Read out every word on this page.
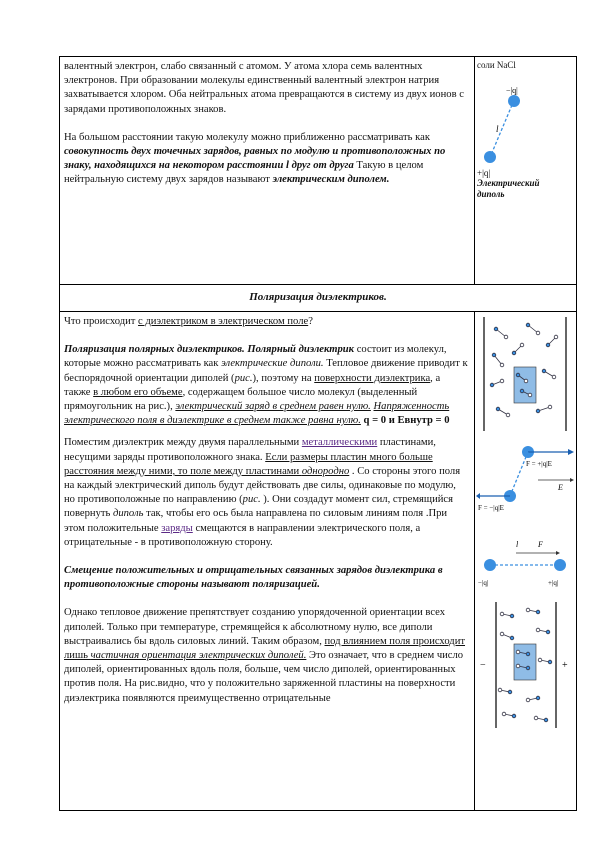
валентный электрон, слабо связанный с атомом. У атома хлора семь валентных электронов. При образовании молекулы единственный валентный электрон натрия захватывается хлором. Оба нейтральных атома превращаются в систему из двух ионов с зарядами противоположных знаков.

На большом расстоянии такую молекулу можно приближенно рассматривать как совокупность двух точечных зарядов, равных по модулю и противоположных по знаку, находящихся на некотором расстоянии l друг от друга Такую в целом нейтральную систему двух зарядов называют электрическим диполем.

соли NaCl
−|q|
l
+|q|
Электрический диполь
Поляризация диэлектриков.

Что происходит с диэлектриком в электрическом поле?

Поляризация полярных диэлектриков. Полярный диэлектрик состоит из молекул, которые можно рассматривать как электрические диполи. Тепловое движение приводит к беспорядочной ориентации диполей (рис.), поэтому на поверхности диэлектрика, а также в любом его объеме, содержащем большое число молекул (выделенный прямоугольник на рис.), электрический заряд в среднем равен нулю. Напряженность электрического поля в диэлектрике в среднем также равна нулю. q = 0 и Евнутр = 0

Поместим диэлектрик между двумя параллельными металлическими пластинами, несущими заряды противоположного знака. Если размеры пластин много больше расстояния между ними, то поле между пластинами однородно . Со стороны этого поля на каждый электрический диполь будут действовать две силы, одинаковые по модулю, но противоположные по направлению (рис. ). Они создадут момент сил, стремящийся повернуть диполь так, чтобы его ось была направлена по силовым линиям поля .При этом положительные заряды смещаются в направлении электрического поля, а отрицательные - в противоположную сторону.

Смещение положительных и отрицательных связанных зарядов диэлектрика в противоположные стороны называют поляризацией.

Однако тепловое движение препятствует созданию упорядоченной ориентации всех диполей. Только при температуре, стремящейся к абсолютному нулю, все диполи выстраивались бы вдоль силовых линий. Таким образом, под влиянием поля происходит лишь частичная ориентация электрических диполей. Это означает, что в среднем число диполей, ориентированных вдоль поля, больше, чем число диполей, ориентированных против поля. На рис.видно, что у положительно заряженной пластины на поверхности диэлектрика появляются преимущественно отрицательные

F = +|q|E
E
F = −|q|E
l F
−|q|	+|q|
−	+
